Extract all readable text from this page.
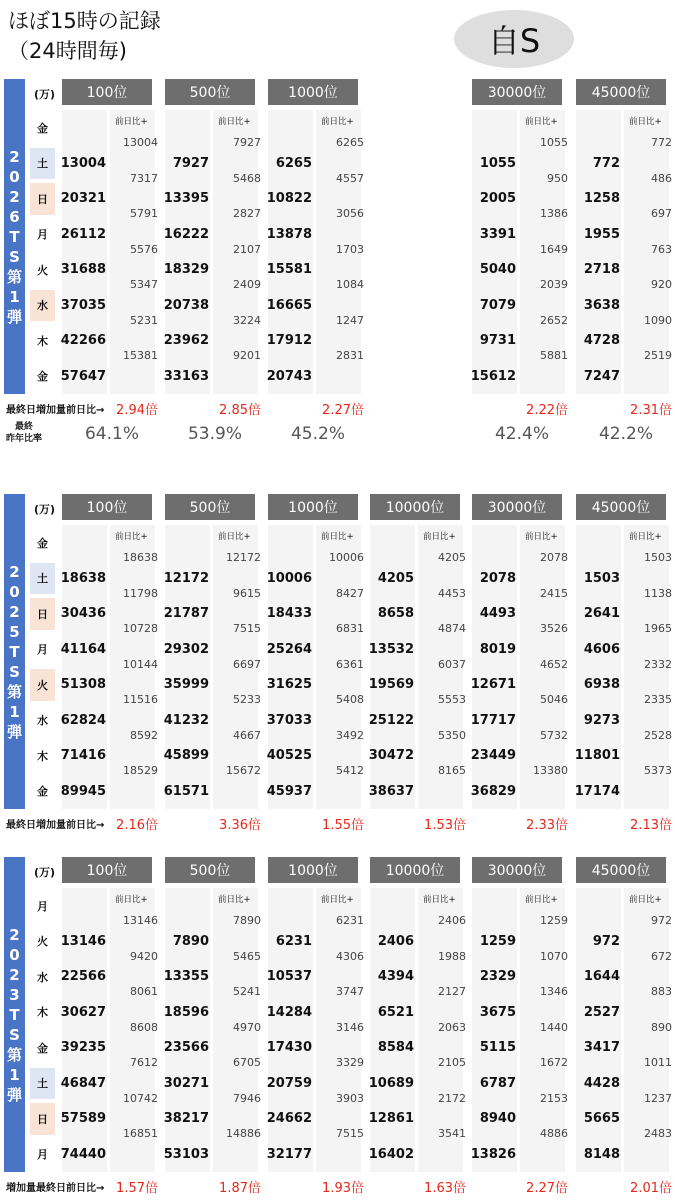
ほぼ15時の記録
（24時間毎)	自S
2
0
2
6
T
S
第
1
弾
(万)
金
土
日
月
火
水
木
金
100位
前日比+
13004
20321
26112
31688
37035
42266
57647
13004
7317
5791
5576
5347
5231
15381
2.94倍
64.1%
500位
前日比+
7927
13395
16222
18329
20738
23962
33163
7927
5468
2827
2107
2409
3224
9201
2.85倍
53.9%
1000位
前日比+
6265
10822
13878
15581
16665
17912
20743
6265
4557
3056
1703
1084
1247
2831
2.27倍
45.2%
30000位
前日比+
1055
2005
3391
5040
7079
9731
15612
1055
950
1386
1649
2039
2652
5881
2.22倍
42.4%
45000位
前日比+
772
1258
1955
2718
3638
4728
7247
772
486
697
763
920
1090
2519
2.31倍
42.2%
最終日増加量前日比→
最終
昨年比率
2
0
2
5
T
S
第
1
弾
(万)
金
土
日
月
火
水
木
金
100位
前日比+
18638
30436
41164
51308
62824
71416
89945
18638
11798
10728
10144
11516
8592
18529
2.16倍
500位
前日比+
12172
21787
29302
35999
41232
45899
61571
12172
9615
7515
6697
5233
4667
15672
3.36倍
1000位
前日比+
10006
18433
25264
31625
37033
40525
45937
10006
8427
6831
6361
5408
3492
5412
1.55倍
10000位
前日比+
4205
8658
13532
19569
25122
30472
38637
4205
4453
4874
6037
5553
5350
8165
1.53倍
30000位
前日比+
2078
4493
8019
12671
17717
23449
36829
2078
2415
3526
4652
5046
5732
13380
2.33倍
45000位
前日比+
1503
2641
4606
6938
9273
11801
17174
1503
1138
1965
2332
2335
2528
5373
2.13倍
最終日増加量前日比→
2
0
2
3
T
S
第
1
弾
(万)
月
火
水
木
金
土
日
月
100位
前日比+
13146
22566
30627
39235
46847
57589
74440
13146
9420
8061
8608
7612
10742
16851
1.57倍
500位
前日比+
7890
13355
18596
23566
30271
38217
53103
7890
5465
5241
4970
6705
7946
14886
1.87倍
1000位
前日比+
6231
10537
14284
17430
20759
24662
32177
6231
4306
3747
3146
3329
3903
7515
1.93倍
10000位
前日比+
2406
4394
6521
8584
10689
12861
16402
2406
1988
2127
2063
2105
2172
3541
1.63倍
30000位
前日比+
1259
2329
3675
5115
6787
8940
13826
1259
1070
1346
1440
1672
2153
4886
2.27倍
45000位
前日比+
972
1644
2527
3417
4428
5665
8148
972
672
883
890
1011
1237
2483
2.01倍
増加量最終日前日比→
